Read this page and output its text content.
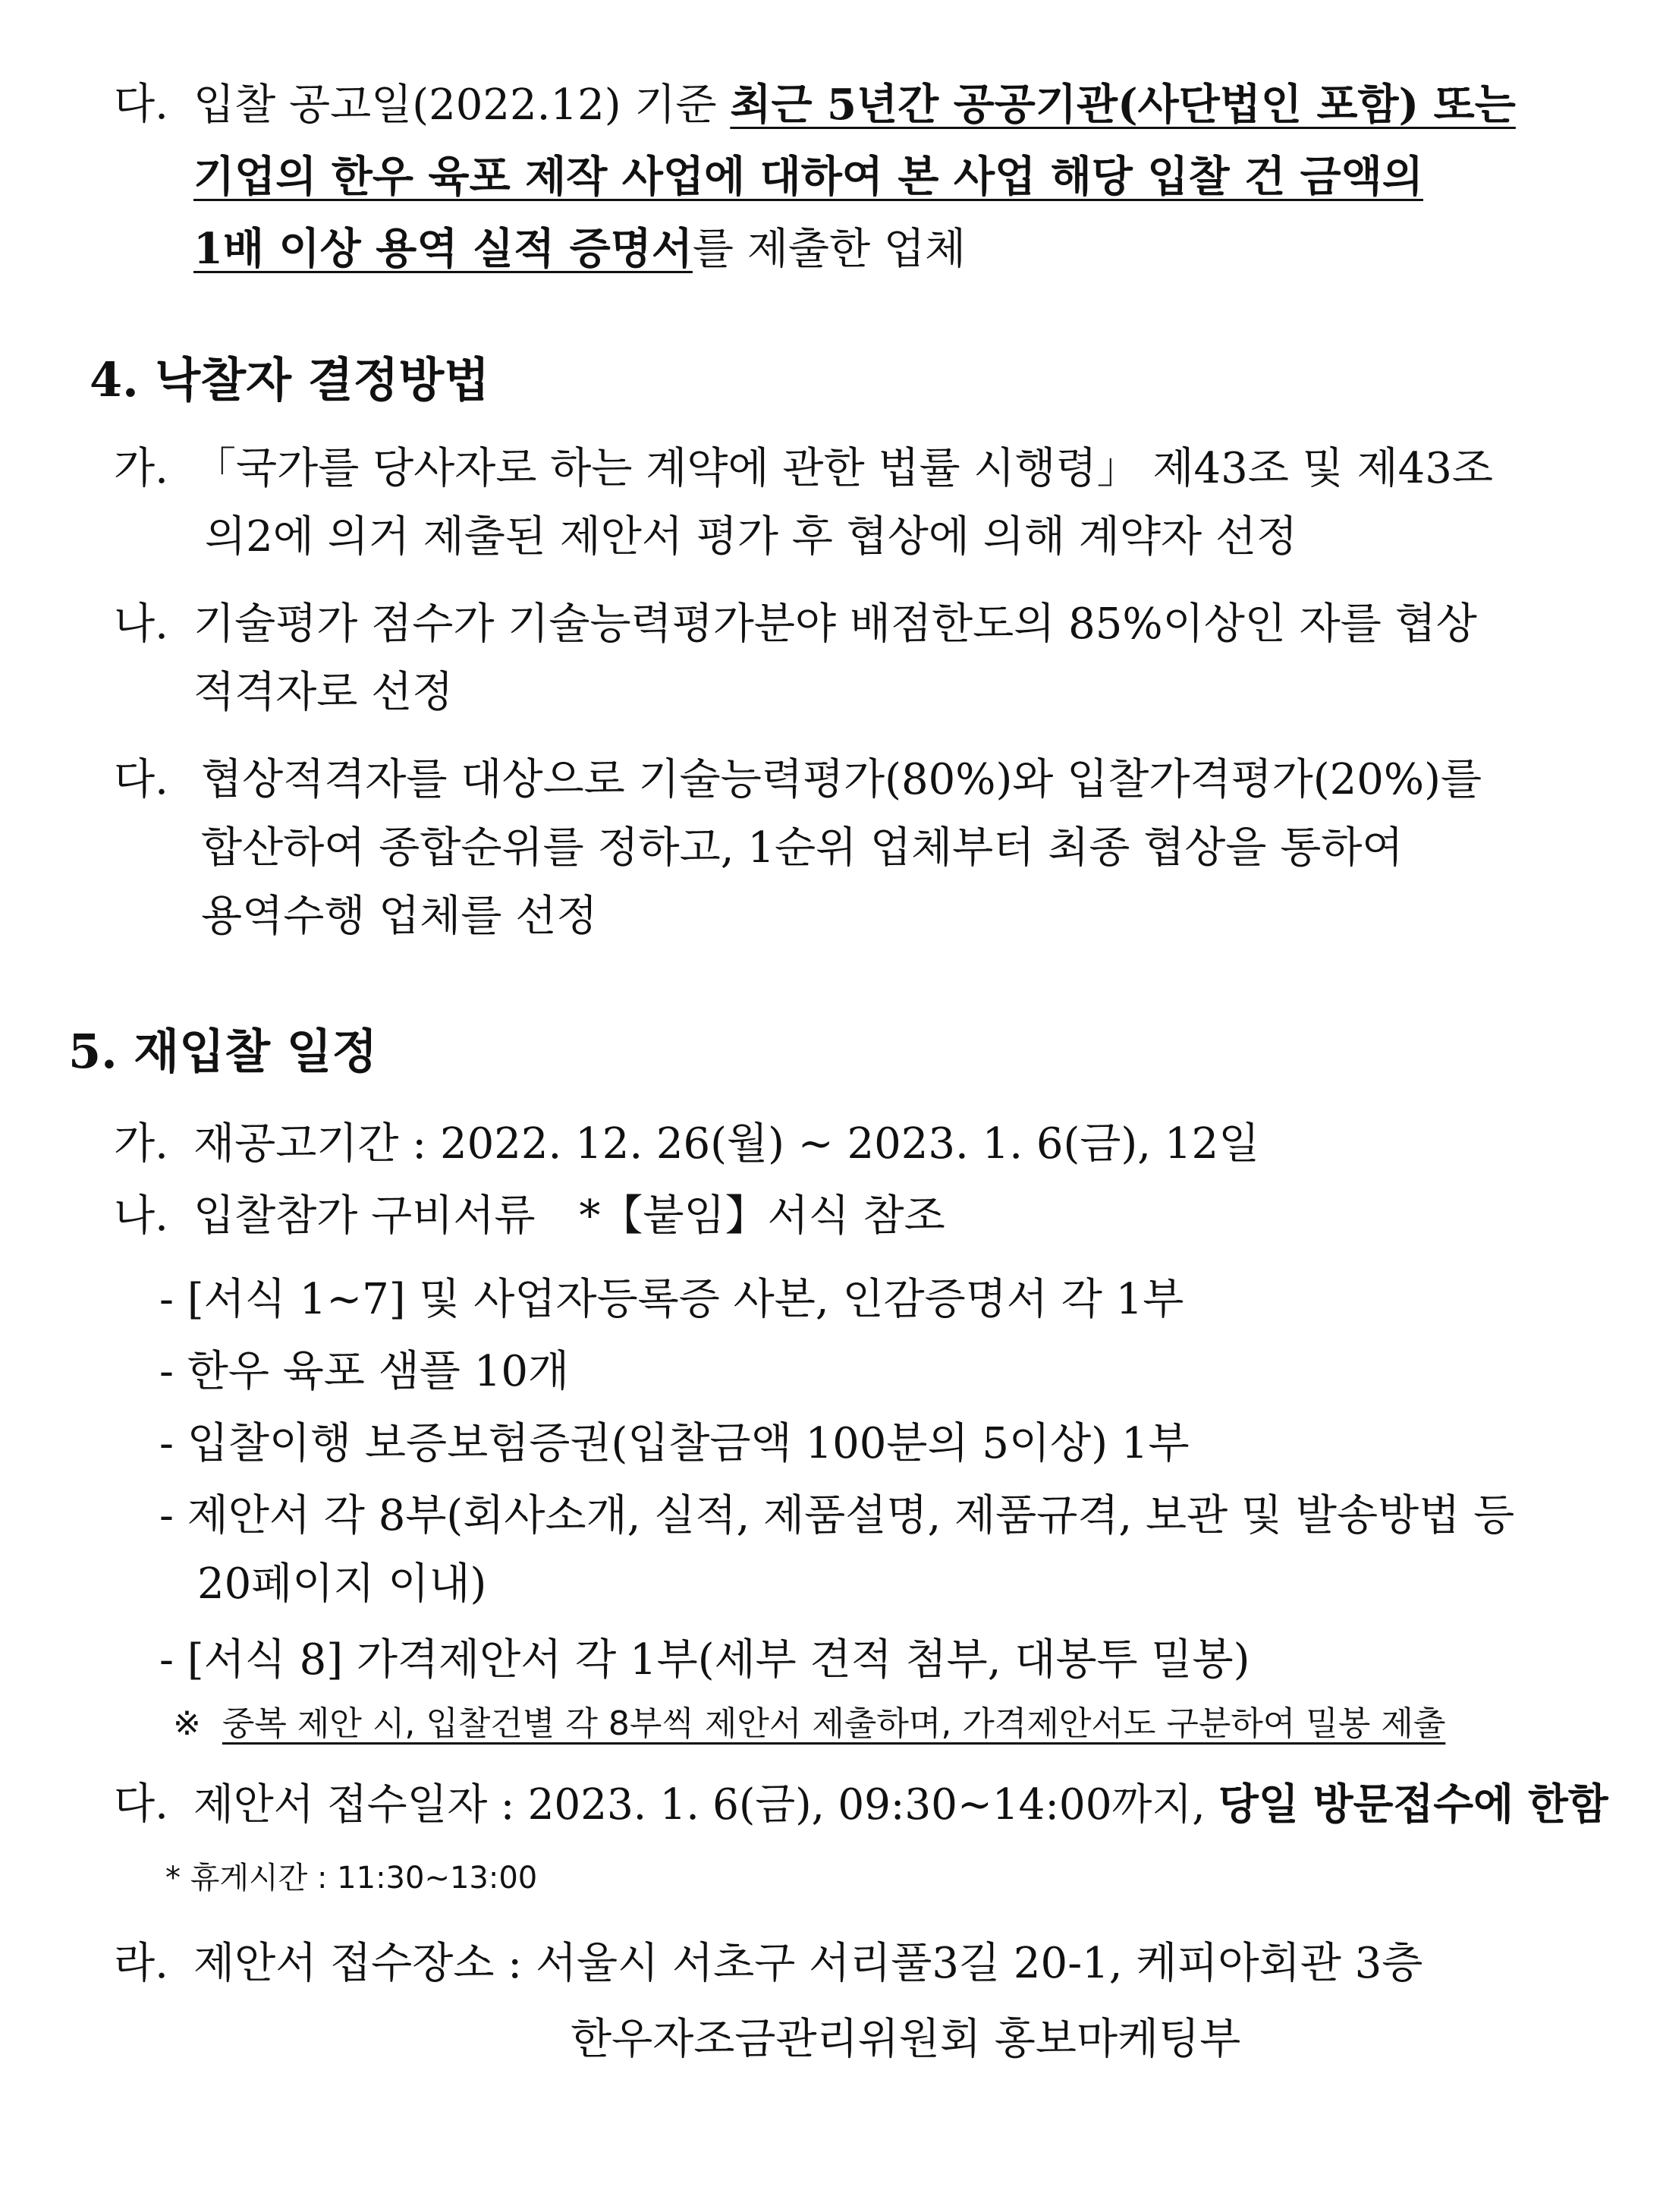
다. 입찰 공고일(2022.12) 기준 최근 5년간 공공기관(사단법인 포함) 또는
기업의 한우 육포 제작 사업에 대하여 본 사업 해당 입찰 건 금액의
1배 이상 용역 실적 증명서를 제출한 업체
4. 낙찰자 결정방법
가. 「국가를 당사자로 하는 계약에 관한 법률 시행령」 제43조 및 제43조
의2에 의거 제출된 제안서 평가 후 협상에 의해 계약자 선정
나. 기술평가 점수가 기술능력평가분야 배점한도의 85%이상인 자를 협상
적격자로 선정
다. 협상적격자를 대상으로 기술능력평가(80%)와 입찰가격평가(20%)를
합산하여 종합순위를 정하고, 1순위 업체부터 최종 협상을 통하여
용역수행 업체를 선정
5. 재입찰 일정
가. 재공고기간 : 2022. 12. 26(월) ~ 2023. 1. 6(금), 12일
나. 입찰참가 구비서류 *【붙임】서식 참조
- [서식 1~7] 및 사업자등록증 사본, 인감증명서 각 1부
- 한우 육포 샘플 10개
- 입찰이행 보증보험증권(입찰금액 100분의 5이상) 1부
- 제안서 각 8부(회사소개, 실적, 제품설명, 제품규격, 보관 및 발송방법 등
20페이지 이내)
- [서식 8] 가격제안서 각 1부(세부 견적 첨부, 대봉투 밀봉)
※ 중복 제안 시, 입찰건별 각 8부씩 제안서 제출하며, 가격제안서도 구분하여 밀봉 제출
다. 제안서 접수일자 : 2023. 1. 6(금), 09:30~14:00까지, 당일 방문접수에 한함
* 휴게시간 : 11:30~13:00
라. 제안서 접수장소 : 서울시 서초구 서리풀3길 20-1, 케피아회관 3층
한우자조금관리위원회 홍보마케팅부
